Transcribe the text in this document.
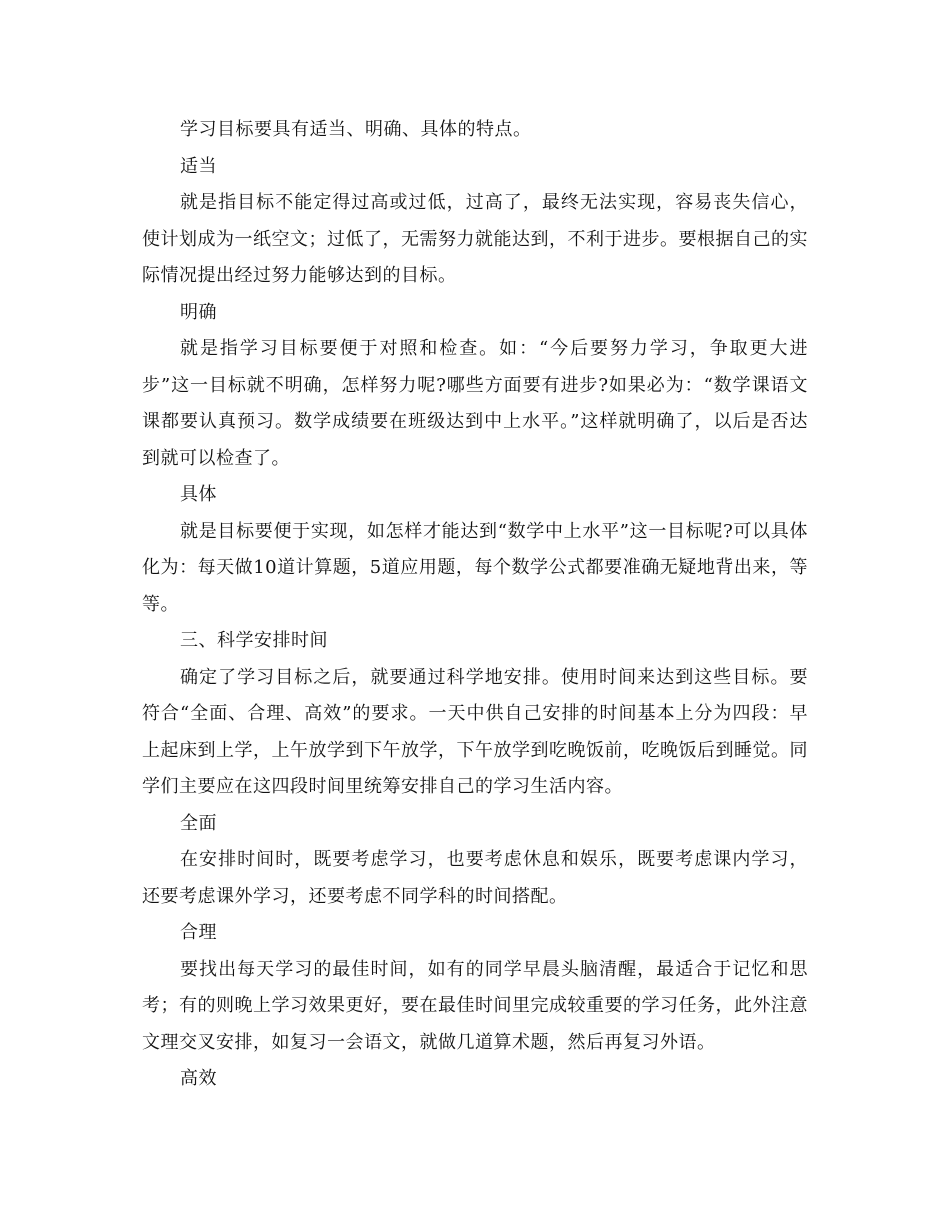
学习目标要具有适当、明确、具体的特点。

适当

就是指目标不能定得过高或过低，过高了，最终无法实现，容易丧失信心，使计划成为一纸空文；过低了，无需努力就能达到，不利于进步。要根据自己的实际情况提出经过努力能够达到的目标。

明确

就是指学习目标要便于对照和检查。如：“今后要努力学习，争取更大进步”这一目标就不明确，怎样努力呢?哪些方面要有进步?如果必为：“数学课语文课都要认真预习。数学成绩要在班级达到中上水平。”这样就明确了，以后是否达到就可以检查了。

具体

就是目标要便于实现，如怎样才能达到“数学中上水平”这一目标呢?可以具体化为：每天做10道计算题，5道应用题，每个数学公式都要准确无疑地背出来，等等。

三、科学安排时间

确定了学习目标之后，就要通过科学地安排。使用时间来达到这些目标。要符合“全面、合理、高效”的要求。一天中供自己安排的时间基本上分为四段：早上起床到上学，上午放学到下午放学，下午放学到吃晚饭前，吃晚饭后到睡觉。同学们主要应在这四段时间里统筹安排自己的学习生活内容。

全面

在安排时间时，既要考虑学习，也要考虑休息和娱乐，既要考虑课内学习，还要考虑课外学习，还要考虑不同学科的时间搭配。

合理

要找出每天学习的最佳时间，如有的同学早晨头脑清醒，最适合于记忆和思考；有的则晚上学习效果更好，要在最佳时间里完成较重要的学习任务，此外注意文理交叉安排，如复习一会语文，就做几道算术题，然后再复习外语。

高效
